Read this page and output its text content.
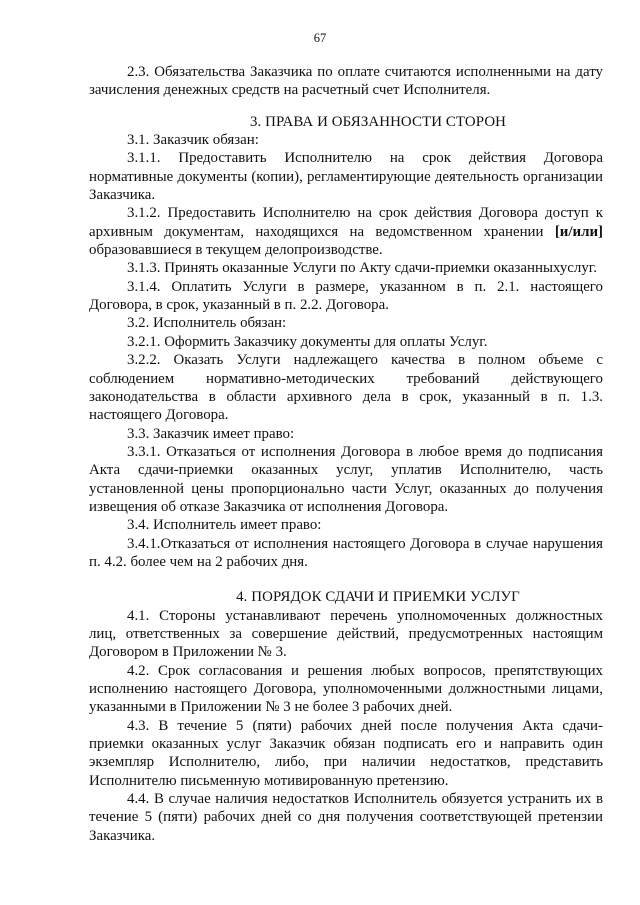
67

2.3. Обязательства Заказчика по оплате считаются исполненными на дату зачисления денежных средств на расчетный счет Исполнителя.

3. ПРАВА И ОБЯЗАННОСТИ СТОРОН

3.1. Заказчик обязан:

3.1.1. Предоставить Исполнителю на срок действия Договора нормативные документы (копии), регламентирующие деятельность организации Заказчика.

3.1.2. Предоставить Исполнителю на срок действия Договора доступ к архивным документам, находящихся на ведомственном хранении [и/или] образовавшиеся в текущем делопроизводстве.

3.1.3. Принять оказанные Услуги по Акту сдачи-приемки оказанныхуслуг.

3.1.4. Оплатить Услуги в размере, указанном в п. 2.1. настоящего Договора, в срок, указанный в п. 2.2. Договора.

3.2. Исполнитель обязан:

3.2.1. Оформить Заказчику документы для оплаты Услуг.

3.2.2. Оказать Услуги надлежащего качества в полном объеме с соблюдением нормативно-методических требований действующего законодательства в области архивного дела в срок, указанный в п. 1.3. настоящего Договора.

3.3. Заказчик имеет право:

3.3.1. Отказаться от исполнения Договора в любое время до подписания Акта сдачи-приемки оказанных услуг, уплатив Исполнителю, часть установленной цены пропорционально части Услуг, оказанных до получения извещения об отказе Заказчика от исполнения Договора.

3.4. Исполнитель имеет право:

3.4.1.Отказаться от исполнения настоящего Договора в случае нарушения п. 4.2. более чем на 2 рабочих дня.

4. ПОРЯДОК СДАЧИ И ПРИЕМКИ УСЛУГ

4.1. Стороны устанавливают перечень уполномоченных должностных лиц, ответственных за совершение действий, предусмотренных настоящим Договором в Приложении № 3.

4.2. Срок согласования и решения любых вопросов, препятствующих исполнению настоящего Договора, уполномоченными должностными лицами, указанными в Приложении № 3 не более 3 рабочих дней.

4.3. В течение 5 (пяти) рабочих дней после получения Акта сдачи-приемки оказанных услуг Заказчик обязан подписать его и направить один экземпляр Исполнителю, либо, при наличии недостатков, представить Исполнителю письменную мотивированную претензию.

4.4. В случае наличия недостатков Исполнитель обязуется устранить их в течение 5 (пяти) рабочих дней со дня получения соответствующей претензии Заказчика.
